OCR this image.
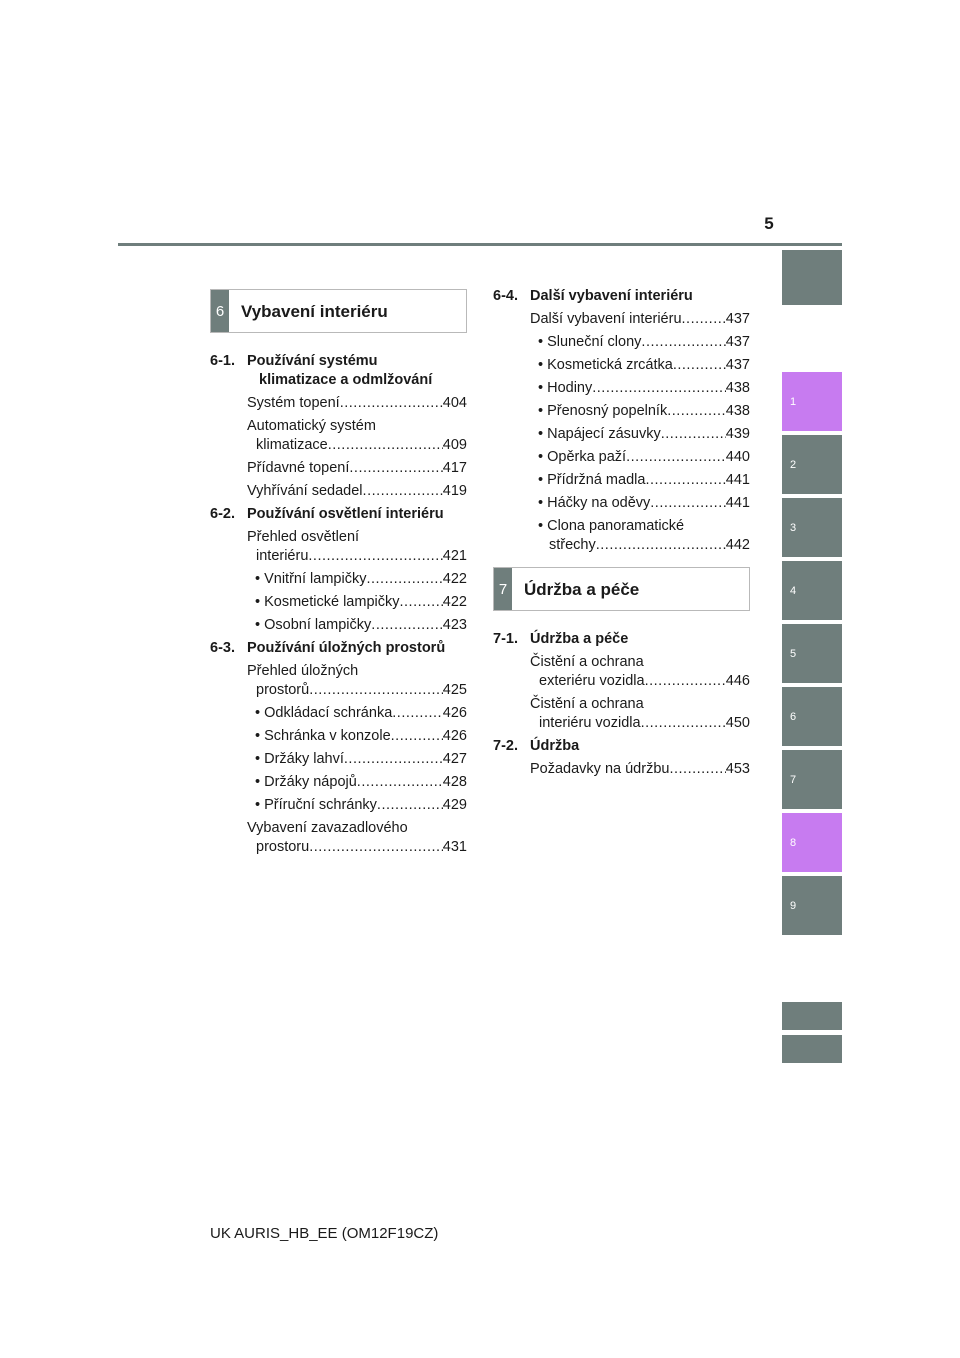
5
1
2
3
4
5
6
7
8
9
6 Vybavení interiéru
6-1. Používání systému
klimatizace a odmlžování
Systém topení .....	404
Automatický systém
klimatizace .....	409
Přídavné topení .....	417
Vyhřívání sedadel .....	419
6-2. Používání osvětlení interiéru
Přehled osvětlení
interiéru .....	421
• Vnitřní lampičky .....	422
• Kosmetické lampičky .....	422
• Osobní lampičky .....	423
6-3. Používání úložných prostorů
Přehled úložných
prostorů .....	425
• Odkládací schránka .....	426
• Schránka v konzole .....	426
• Držáky lahví .....	427
• Držáky nápojů .....	428
• Příruční schránky .....	429
Vybavení zavazadlového
prostoru .....	431
6-4. Další vybavení interiéru
Další vybavení interiéru .....	437
• Sluneční clony .....	437
• Kosmetická zrcátka .....	437
• Hodiny .....	438
• Přenosný popelník .....	438
• Napájecí zásuvky .....	439
• Opěrka paží .....	440
• Přídržná madla .....	441
• Háčky na oděvy .....	441
• Clona panoramatické
střechy .....	442
7 Údržba a péče
7-1. Údržba a péče
Čistění a ochrana
exteriéru vozidla .....	446
Čistění a ochrana
interiéru vozidla .....	450
7-2. Údržba
Požadavky na údržbu .....	453
UK AURIS_HB_EE (OM12F19CZ)
